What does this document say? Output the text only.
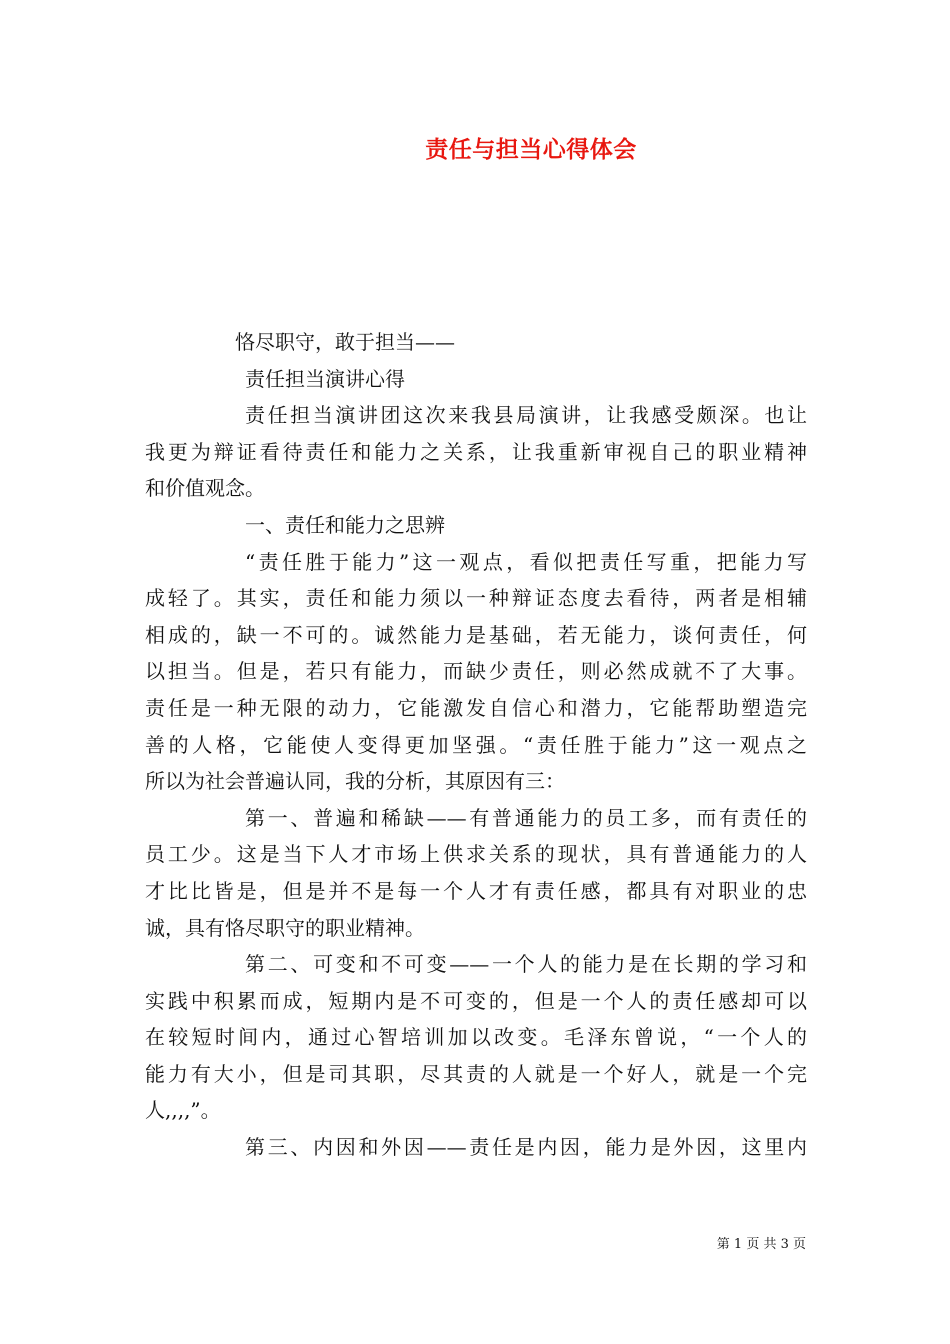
责任与担当心得体会
恪尽职守，敢于担当——
责任担当演讲心得
责任担当演讲团这次来我县局演讲，让我感受颇深。也让
我更为辩证看待责任和能力之关系，让我重新审视自己的职业精神
和价值观念。
一、责任和能力之思辨
“责任胜于能力”这一观点，看似把责任写重，把能力写
成轻了。其实，责任和能力须以一种辩证态度去看待，两者是相辅
相成的，缺一不可的。诚然能力是基础，若无能力，谈何责任，何
以担当。但是，若只有能力，而缺少责任，则必然成就不了大事。
责任是一种无限的动力，它能激发自信心和潜力，它能帮助塑造完
善的人格，它能使人变得更加坚强。“责任胜于能力”这一观点之
所以为社会普遍认同，我的分析，其原因有三：
第一、普遍和稀缺——有普通能力的员工多，而有责任的
员工少。这是当下人才市场上供求关系的现状，具有普通能力的人
才比比皆是，但是并不是每一个人才有责任感，都具有对职业的忠
诚，具有恪尽职守的职业精神。
第二、可变和不可变——一个人的能力是在长期的学习和
实践中积累而成，短期内是不可变的，但是一个人的责任感却可以
在较短时间内，通过心智培训加以改变。毛泽东曾说，“一个人的
能力有大小，但是司其职，尽其责的人就是一个好人，就是一个完
人,,,,”。
第三、内因和外因——责任是内因，能力是外因，这里内
第 1 页 共 3 页
